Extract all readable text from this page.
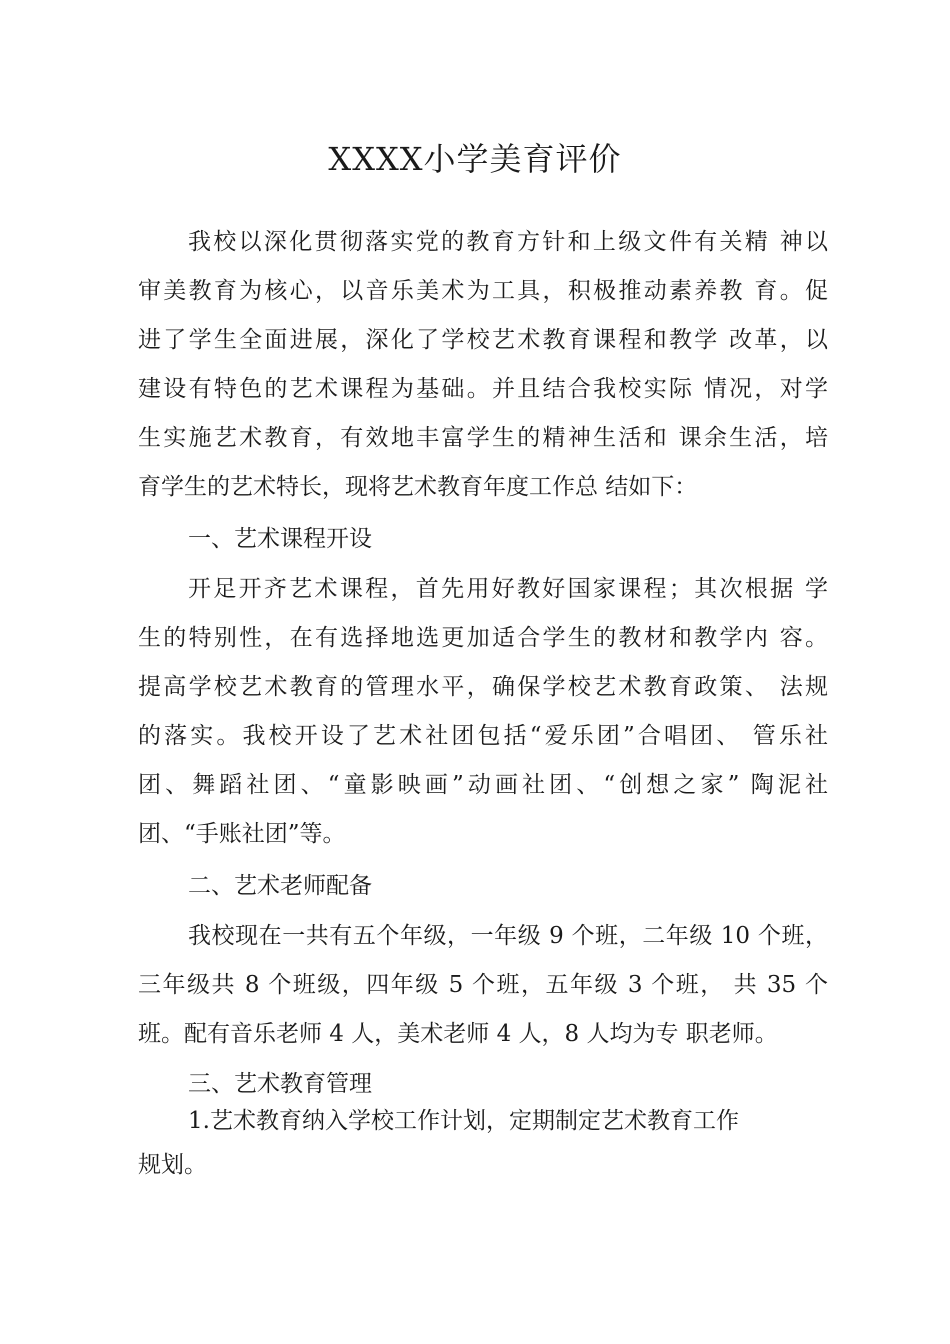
XXXX小学美育评价
我校以深化贯彻落实党的教育方针和上级文件有关精 神以
审美教育为核心，以音乐美术为工具，积极推动素养教 育。促
进了学生全面进展，深化了学校艺术教育课程和教学 改革，以
建设有特色的艺术课程为基础。并且结合我校实际 情况，对学
生实施艺术教育，有效地丰富学生的精神生活和 课余生活，培
育学生的艺术特长，现将艺术教育年度工作总 结如下：
一、艺术课程开设
开足开齐艺术课程，首先用好教好国家课程；其次根据 学
生的特别性，在有选择地选更加适合学生的教材和教学内 容。
提高学校艺术教育的管理水平，确保学校艺术教育政策、 法规
的落实。我校开设了艺术社团包括“爱乐团”合唱团、 管乐社
团、舞蹈社团、“童影映画”动画社团、“创想之家” 陶泥社
团、“手账社团”等。
二、艺术老师配备
我校现在一共有五个年级，一年级 9 个班，二年级 10 个班，
三年级共 8 个班级，四年级 5 个班，五年级 3 个班， 共 35 个
班。配有音乐老师 4 人，美术老师 4 人，8 人均为专 职老师。
三、艺术教育管理
1.艺术教育纳入学校工作计划，定期制定艺术教育工作
规划。
